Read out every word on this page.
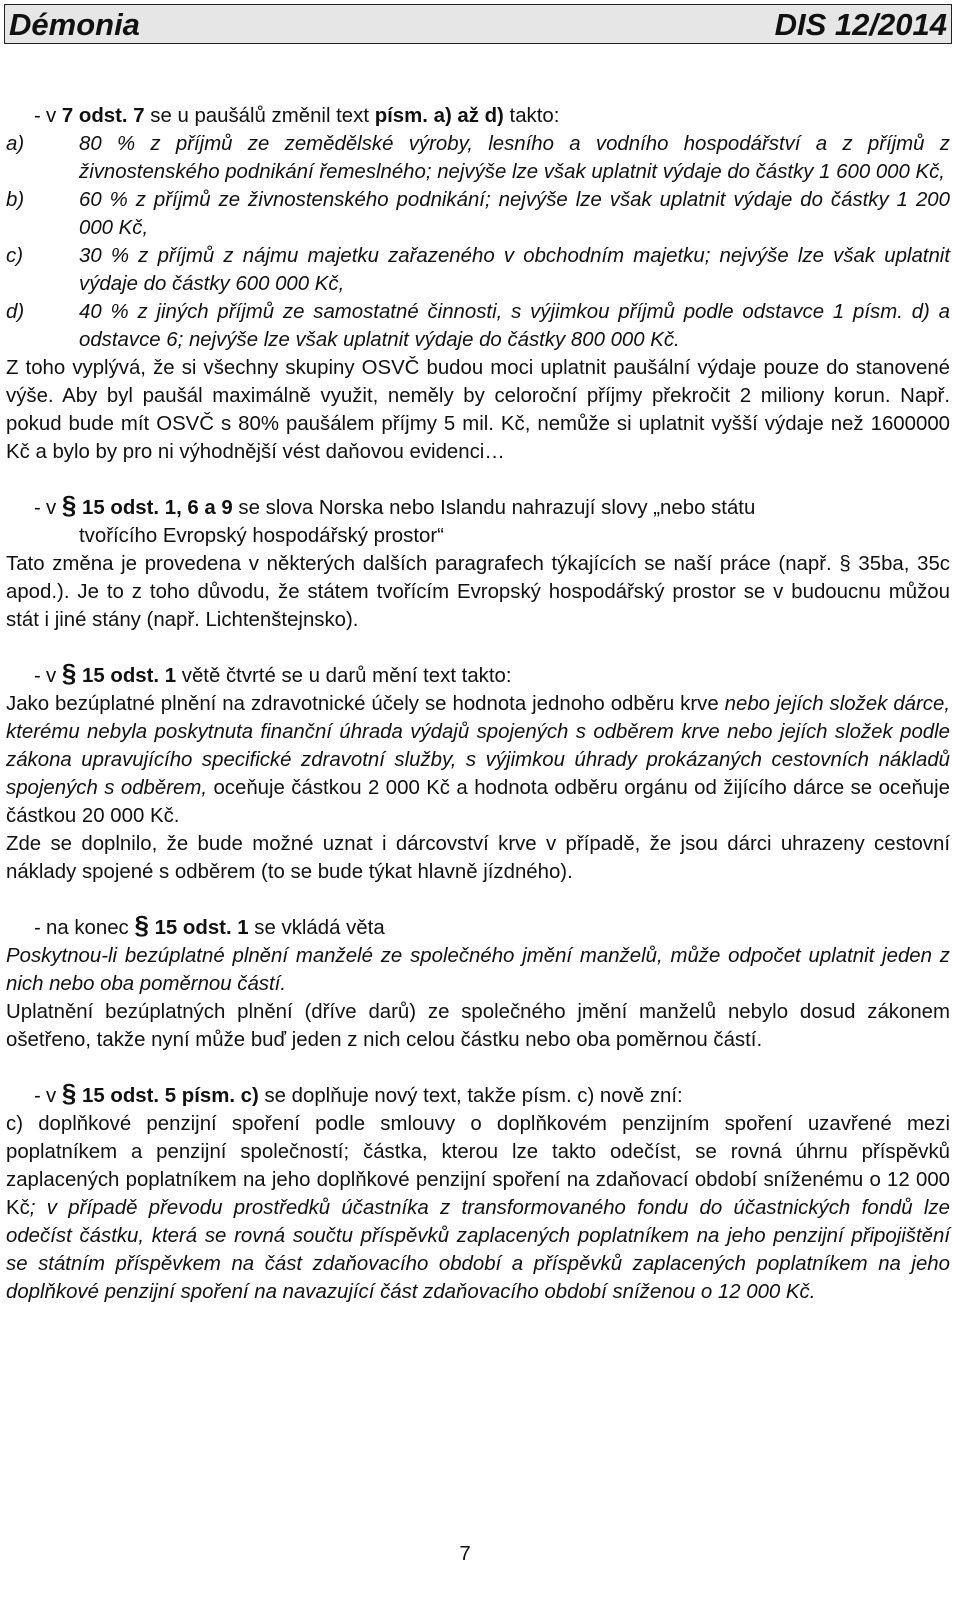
Démonia	DIS 12/2014
- v 7 odst. 7 se u paušálů změnil text písm. a) až d) takto:
a)	80 % z příjmů ze zemědělské výroby, lesního a vodního hospodářství a z příjmů z živnostenského podnikání řemeslného; nejvýše lze však uplatnit výdaje do částky 1 600 000 Kč,
b)	60 % z příjmů ze živnostenského podnikání; nejvýše lze však uplatnit výdaje do částky 1 200 000 Kč,
c)	30 % z příjmů z nájmu majetku zařazeného v obchodním majetku; nejvýše lze však uplatnit výdaje do částky 600 000 Kč,
d)	40 % z jiných příjmů ze samostatné činnosti, s výjimkou příjmů podle odstavce 1 písm. d) a odstavce 6; nejvýše lze však uplatnit výdaje do částky 800 000 Kč.

Z toho vyplývá, že si všechny skupiny OSVČ budou moci uplatnit paušální výdaje pouze do stanovené výše. Aby byl paušál maximálně využit, neměly by celoroční příjmy překročit 2 miliony korun. Např. pokud bude mít OSVČ s 80% paušálem příjmy 5 mil. Kč, nemůže si uplatnit vyšší výdaje než 1600000 Kč a bylo by pro ni výhodnější vést daňovou evidenci…

- v § 15 odst. 1, 6 a 9 se slova Norska nebo Islandu nahrazují slovy „nebo státu
tvořícího Evropský hospodářský prostor“

Tato změna je provedena v některých dalších paragrafech týkajících se naší práce (např. § 35ba, 35c apod.). Je to z toho důvodu, že státem tvořícím Evropský hospodářský prostor se v budoucnu můžou stát i jiné stány (např. Lichtenštejnsko).

- v § 15 odst. 1 větě čtvrté se u darů mění text takto:

Jako bezúplatné plnění na zdravotnické účely se hodnota jednoho odběru krve nebo jejích složek dárce, kterému nebyla poskytnuta finanční úhrada výdajů spojených s odběrem krve nebo jejích složek podle zákona upravujícího specifické zdravotní služby, s výjimkou úhrady prokázaných cestovních nákladů spojených s odběrem, oceňuje částkou 2 000 Kč a hodnota odběru orgánu od žijícího dárce se oceňuje částkou 20 000 Kč.

Zde se doplnilo, že bude možné uznat i dárcovství krve v případě, že jsou dárci uhrazeny cestovní náklady spojené s odběrem (to se bude týkat hlavně jízdného).

- na konec § 15 odst. 1 se vkládá věta

Poskytnou-li bezúplatné plnění manželé ze společného jmění manželů, může odpočet uplatnit jeden z nich nebo oba poměrnou částí.

Uplatnění bezúplatných plnění (dříve darů) ze společného jmění manželů nebylo dosud zákonem ošetřeno, takže nyní může buď jeden z nich celou částku nebo oba poměrnou částí.

- v § 15 odst. 5 písm. c) se doplňuje nový text, takže písm. c) nově zní:

c) doplňkové penzijní spoření podle smlouvy o doplňkovém penzijním spoření uzavřené mezi poplatníkem a penzijní společností; částka, kterou lze takto odečíst, se rovná úhrnu příspěvků zaplacených poplatníkem na jeho doplňkové penzijní spoření na zdaňovací období sníženému o 12 000 Kč; v případě převodu prostředků účastníka z transformovaného fondu do účastnických fondů lze odečíst částku, která se rovná součtu příspěvků zaplacených poplatníkem na jeho penzijní připojištění se státním příspěvkem na část zdaňovacího období a příspěvků zaplacených poplatníkem na jeho doplňkové penzijní spoření na navazující část zdaňovacího období sníženou o 12 000 Kč.

7
